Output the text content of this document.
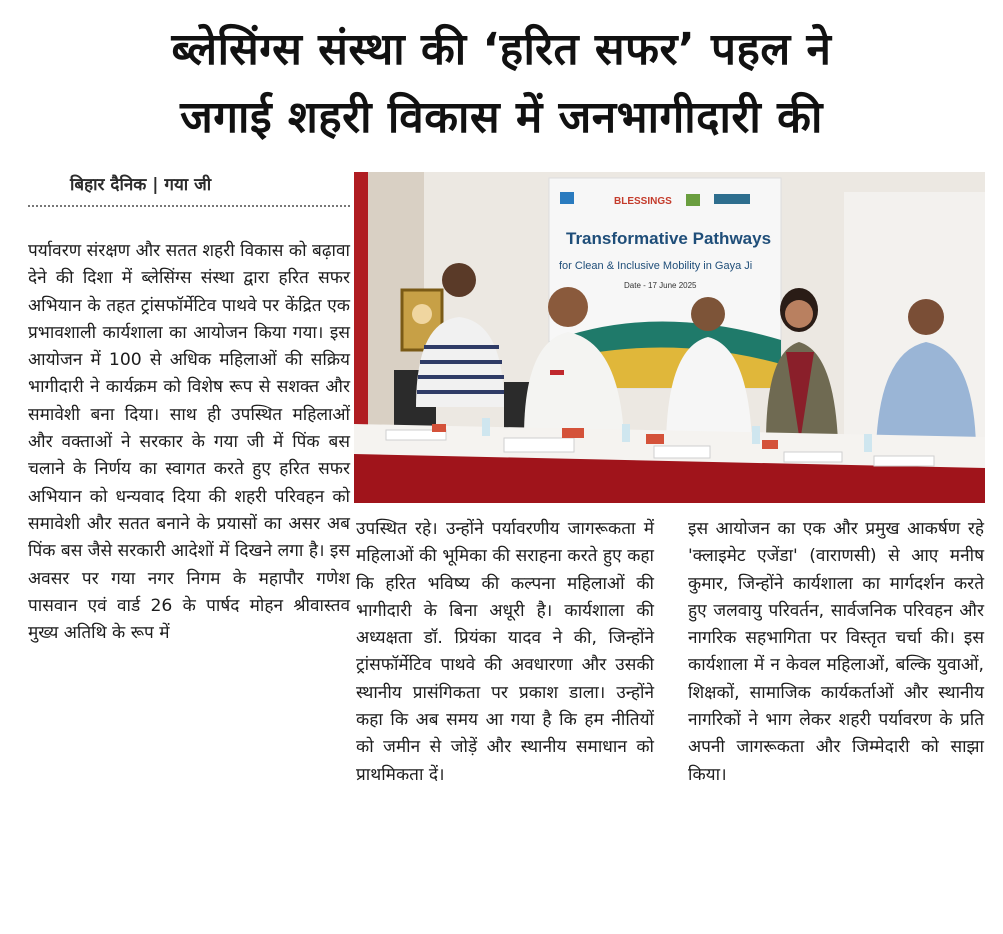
ब्लेसिंग्स संस्था की ‘हरित सफर’ पहल ने
जगाई शहरी विकास में जनभागीदारी की
बिहार दैनिक | गया जी

पर्यावरण संरक्षण और सतत शहरी विकास को बढ़ावा देने की दिशा में ब्लेसिंग्स संस्था द्वारा हरित सफर अभियान के तहत ट्रांसफॉर्मेटिव पाथवे पर केंद्रित एक प्रभावशाली कार्यशाला का आयोजन किया गया। इस आयोजन में 100 से अधिक महिलाओं की सक्रिय भागीदारी ने कार्यक्रम को विशेष रूप से सशक्त और समावेशी बना दिया। साथ ही उपस्थित महिलाओं और वक्ताओं ने सरकार के गया जी में पिंक बस चलाने के निर्णय का स्वागत करते हुए हरित सफर अभियान को धन्यवाद दिया की शहरी परिवहन को समावेशी और सतत बनाने के प्रयासों का असर अब पिंक बस जैसे सरकारी आदेशों में दिखने लगा है। इस अवसर पर गया नगर निगम के महापौर गणेश पासवान एवं वार्ड 26 के पार्षद मोहन श्रीवास्तव मुख्य अतिथि के रूप में

BLESSINGS
Transformative Pathways
for Clean & Inclusive Mobility in Gaya Ji
Date - 17 June 2025

उपस्थित रहे। उन्होंने पर्यावरणीय जागरूकता में महिलाओं की भूमिका की सराहना करते हुए कहा कि हरित भविष्य की कल्पना महिलाओं की भागीदारी के बिना अधूरी है। कार्यशाला की अध्यक्षता डॉ. प्रियंका यादव ने की, जिन्होंने ट्रांसफॉर्मेटिव पाथवे की अवधारणा और उसकी स्थानीय प्रासंगिकता पर प्रकाश डाला। उन्होंने कहा कि अब समय आ गया है कि हम नीतियों को जमीन से जोड़ें और स्थानीय समाधान को प्राथमिकता दें।

इस आयोजन का एक और प्रमुख आकर्षण रहे 'क्लाइमेट एजेंडा' (वाराणसी) से आए मनीष कुमार, जिन्होंने कार्यशाला का मार्गदर्शन करते हुए जलवायु परिवर्तन, सार्वजनिक परिवहन और नागरिक सहभागिता पर विस्तृत चर्चा की। इस कार्यशाला में न केवल महिलाओं, बल्कि युवाओं, शिक्षकों, सामाजिक कार्यकर्ताओं और स्थानीय नागरिकों ने भाग लेकर शहरी पर्यावरण के प्रति अपनी जागरूकता और जिम्मेदारी को साझा किया।
